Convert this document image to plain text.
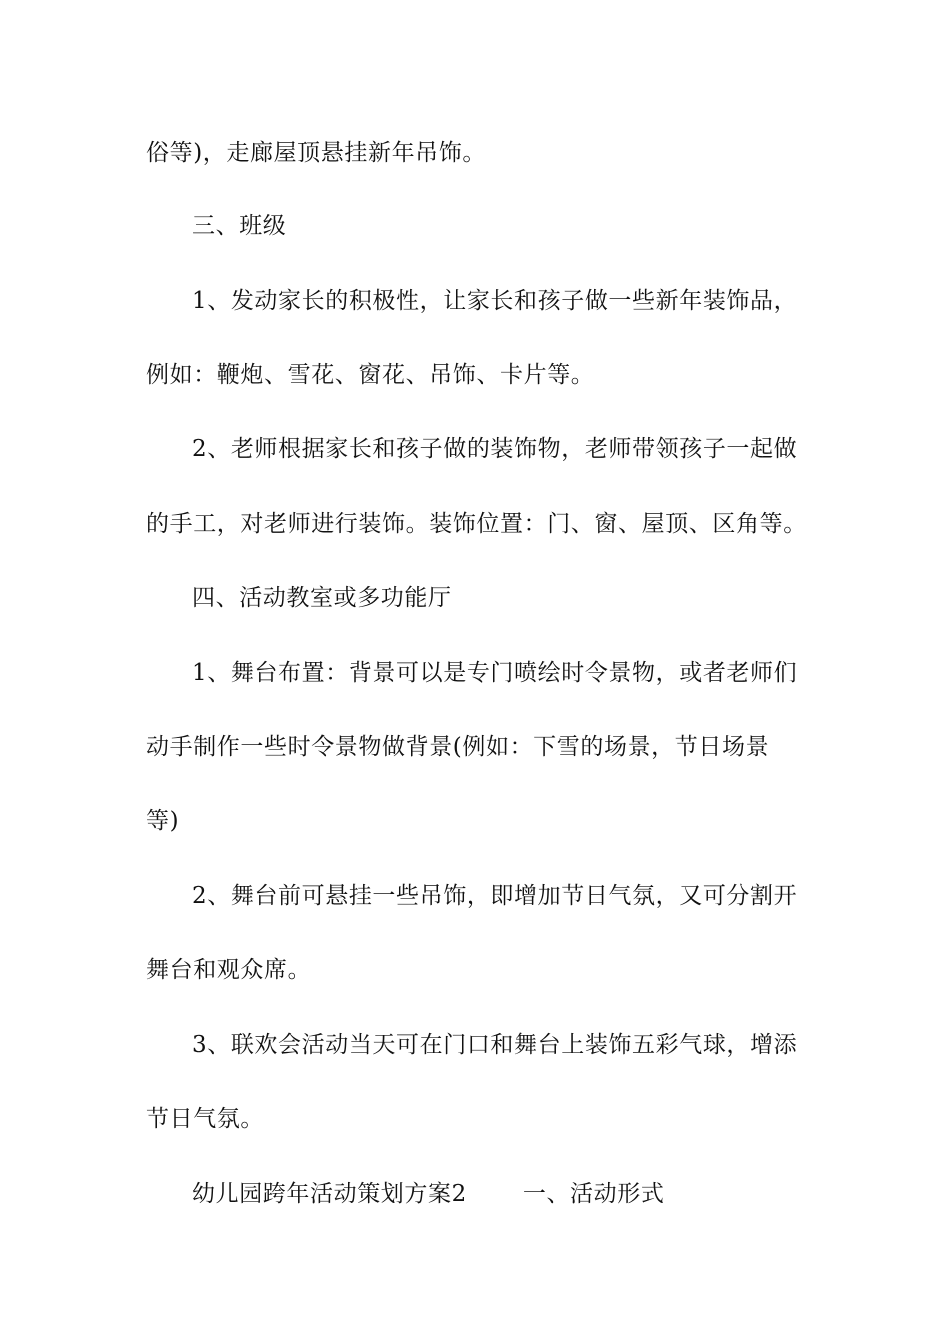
俗等)，走廊屋顶悬挂新年吊饰。
三、班级
1、发动家长的积极性，让家长和孩子做一些新年装饰品，
例如：鞭炮、雪花、窗花、吊饰、卡片等。
2、老师根据家长和孩子做的装饰物，老师带领孩子一起做
的手工，对老师进行装饰。装饰位置：门、窗、屋顶、区角等。
四、活动教室或多功能厅
1、舞台布置：背景可以是专门喷绘时令景物，或者老师们
动手制作一些时令景物做背景(例如：下雪的场景，节日场景
等)
2、舞台前可悬挂一些吊饰，即增加节日气氛，又可分割开
舞台和观众席。
3、联欢会活动当天可在门口和舞台上装饰五彩气球，增添
节日气氛。
幼儿园跨年活动策划方案2 一、活动形式
